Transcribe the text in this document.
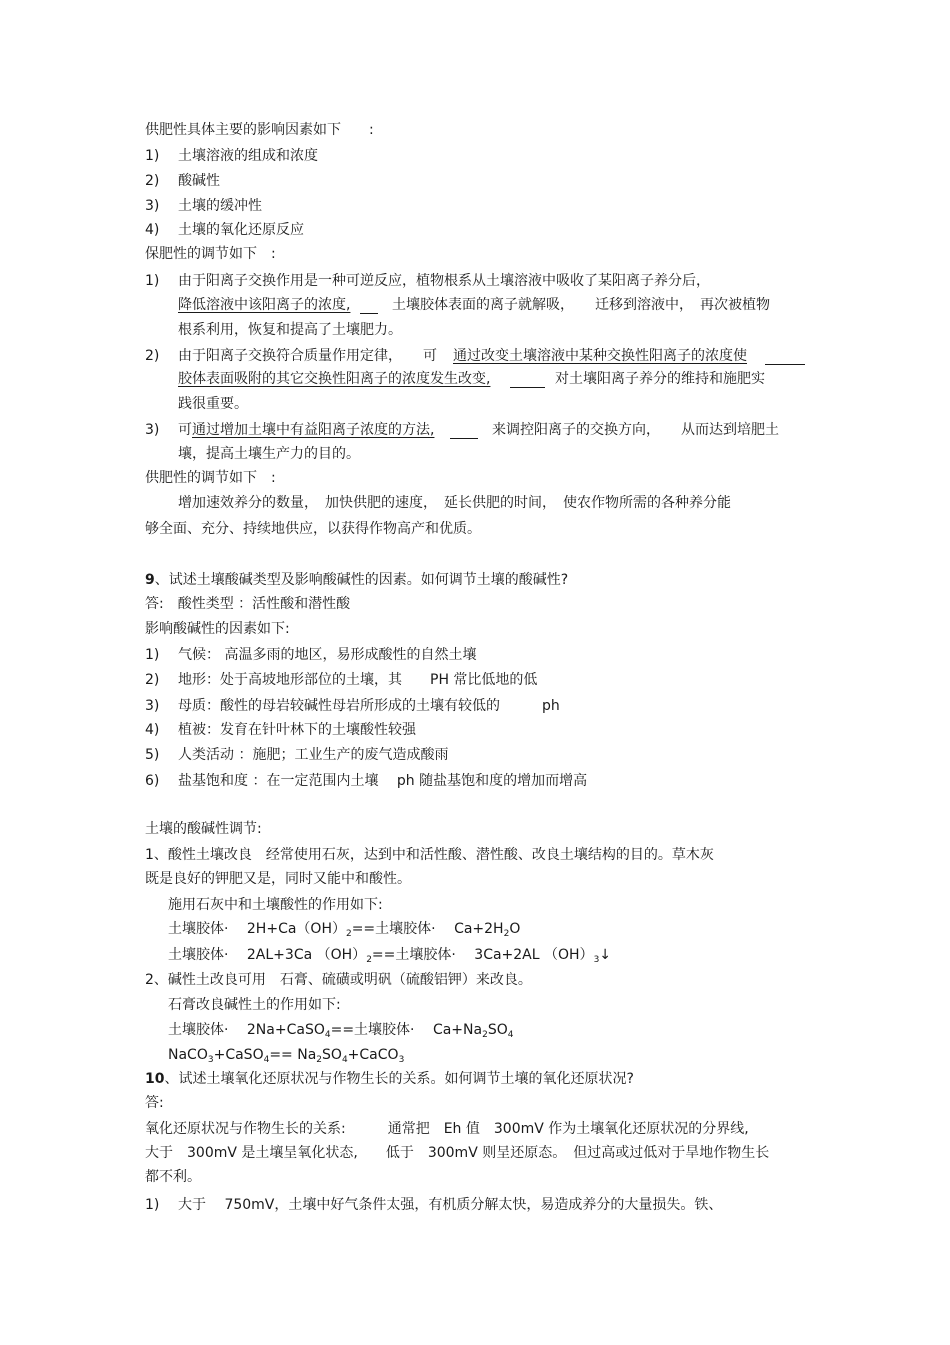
供肥性具体主要的影响因素如下　　:
1) 土壤溶液的组成和浓度
2) 酸碱性
3) 土壤的缓冲性
4) 土壤的氧化还原反应
保肥性的调节如下　:
1) 由于阳离子交换作用是一种可逆反应，植物根系从土壤溶液中吸收了某阳离子养分后，
降低溶液中该阳离子的浓度,	土壤胶体表面的离子就解吸，　　迁移到溶液中，　再次被植物
根系利用，恢复和提高了土壤肥力。
2) 由于阳离子交换符合质量作用定律，　　可 通过改变土壤溶液中某种交换性阳离子的浓度使
胶体表面吸附的其它交换性阳离子的浓度发生改变,	对土壤阳离子养分的维持和施肥实
践很重要。
3) 可 通过增加土壤中有益阳离子浓度的方法,	来调控阳离子的交换方向，　　从而达到培肥土
壤，提高土壤生产力的目的。
供肥性的调节如下　:
增加速效养分的数量，　加快供肥的速度，　延长供肥的时间，　使农作物所需的各种养分能
够全面、充分、持续地供应，以获得作物高产和优质。
9、试述土壤酸碱类型及影响酸碱性的因素。如何调节土壤的酸碱性?
答:　酸性类型 ：活性酸和潜性酸
影响酸碱性的因素如下:
1) 气候： 高温多雨的地区，易形成酸性的自然土壤
2) 地形：处于高坡地形部位的土壤，其　　PH 常比低地的低
3) 母质：酸性的母岩较碱性母岩所形成的土壤有较低的　　　ph
4) 植被：发育在针叶林下的土壤酸性较强
5) 人类活动 ：施肥；工业生产的废气造成酸雨
6) 盐基饱和度 ：在一定范围内土壤　 ph 随盐基饱和度的增加而增高
土壤的酸碱性调节:
1、酸性土壤改良　经常使用石灰，达到中和活性酸、潜性酸、改良土壤结构的目的。草木灰
既是良好的钾肥又是，同时又能中和酸性。
施用石灰中和土壤酸性的作用如下:
土壤胶体·　 $2H+Ca(OH)_2==$土壤胶体·　 $Ca+2H_2O$
土壤胶体·　 2AL+3Ca $(OH)_2==$土壤胶体·　 3Ca+2AL $(OH)_3↓$
2、碱性土改良可用　石膏、硫磺或明矾（硫酸铝钾）来改良。
石膏改良碱性土的作用如下:
土壤胶体·　 2Na+CaSO$_4$==土壤胶体·　 $Ca+Na_2SO_4$
NaCO$_3$+CaSO$_4$== $Na_2SO_4+CaCO_3$
10、试述土壤氧化还原状况与作物生长的关系。如何调节土壤的氧化还原状况?
答:
氧化还原状况与作物生长的关系:　　　通常把　Eh 值　300mV 作为土壤氧化还原状况的分界线,
大于　300mV 是土壤呈氧化状态,　　低于　300mV 则呈还原态。　但过高或过低对于旱地作物生长
都不利。
1) 大于　 750mV，土壤中好气条件太强，有机质分解太快，易造成养分的大量损失。铁、
